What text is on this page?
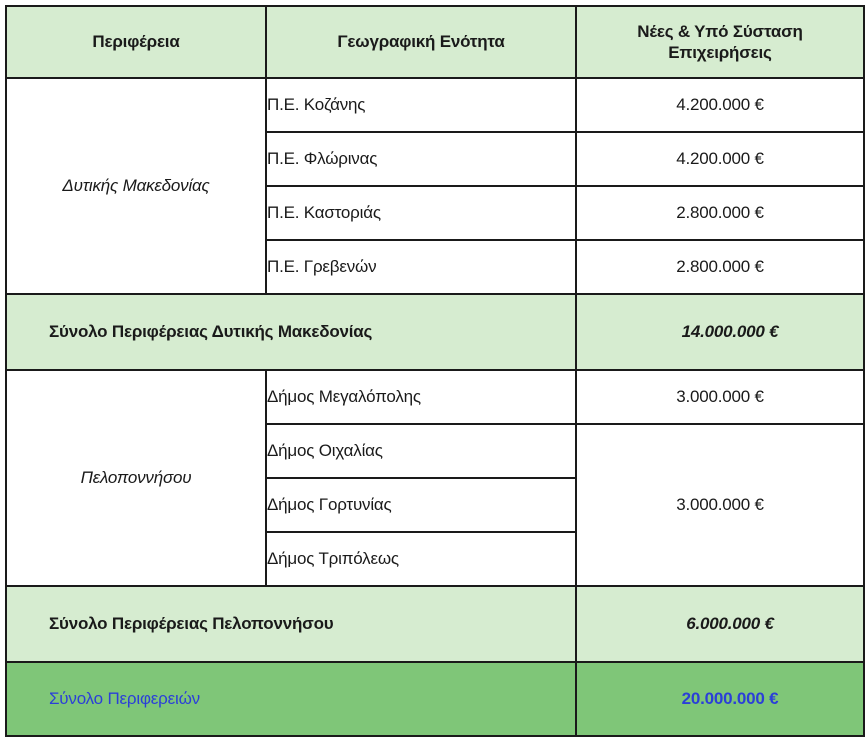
Περιφέρεια	Γεωγραφική Ενότητα	Νέες & Υπό Σύσταση
Επιχειρήσεις
Δυτικής Μακεδονίας	Π.Ε. Κοζάνης	4.200.000 €
	Π.Ε. Φλώρινας	4.200.000 €
	Π.Ε. Καστοριάς	2.800.000 €
	Π.Ε. Γρεβενών	2.800.000 €
Σύνολο Περιφέρειας Δυτικής Μακεδονίας		14.000.000 €
Πελοποννήσου	Δήμος Μεγαλόπολης	3.000.000 €
	Δήμος Οιχαλίας	3.000.000 €
	Δήμος Γορτυνίας	
	Δήμος Τριπόλεως	
Σύνολο Περιφέρειας Πελοποννήσου		6.000.000 €
Σύνολο Περιφερειών		20.000.000 €
